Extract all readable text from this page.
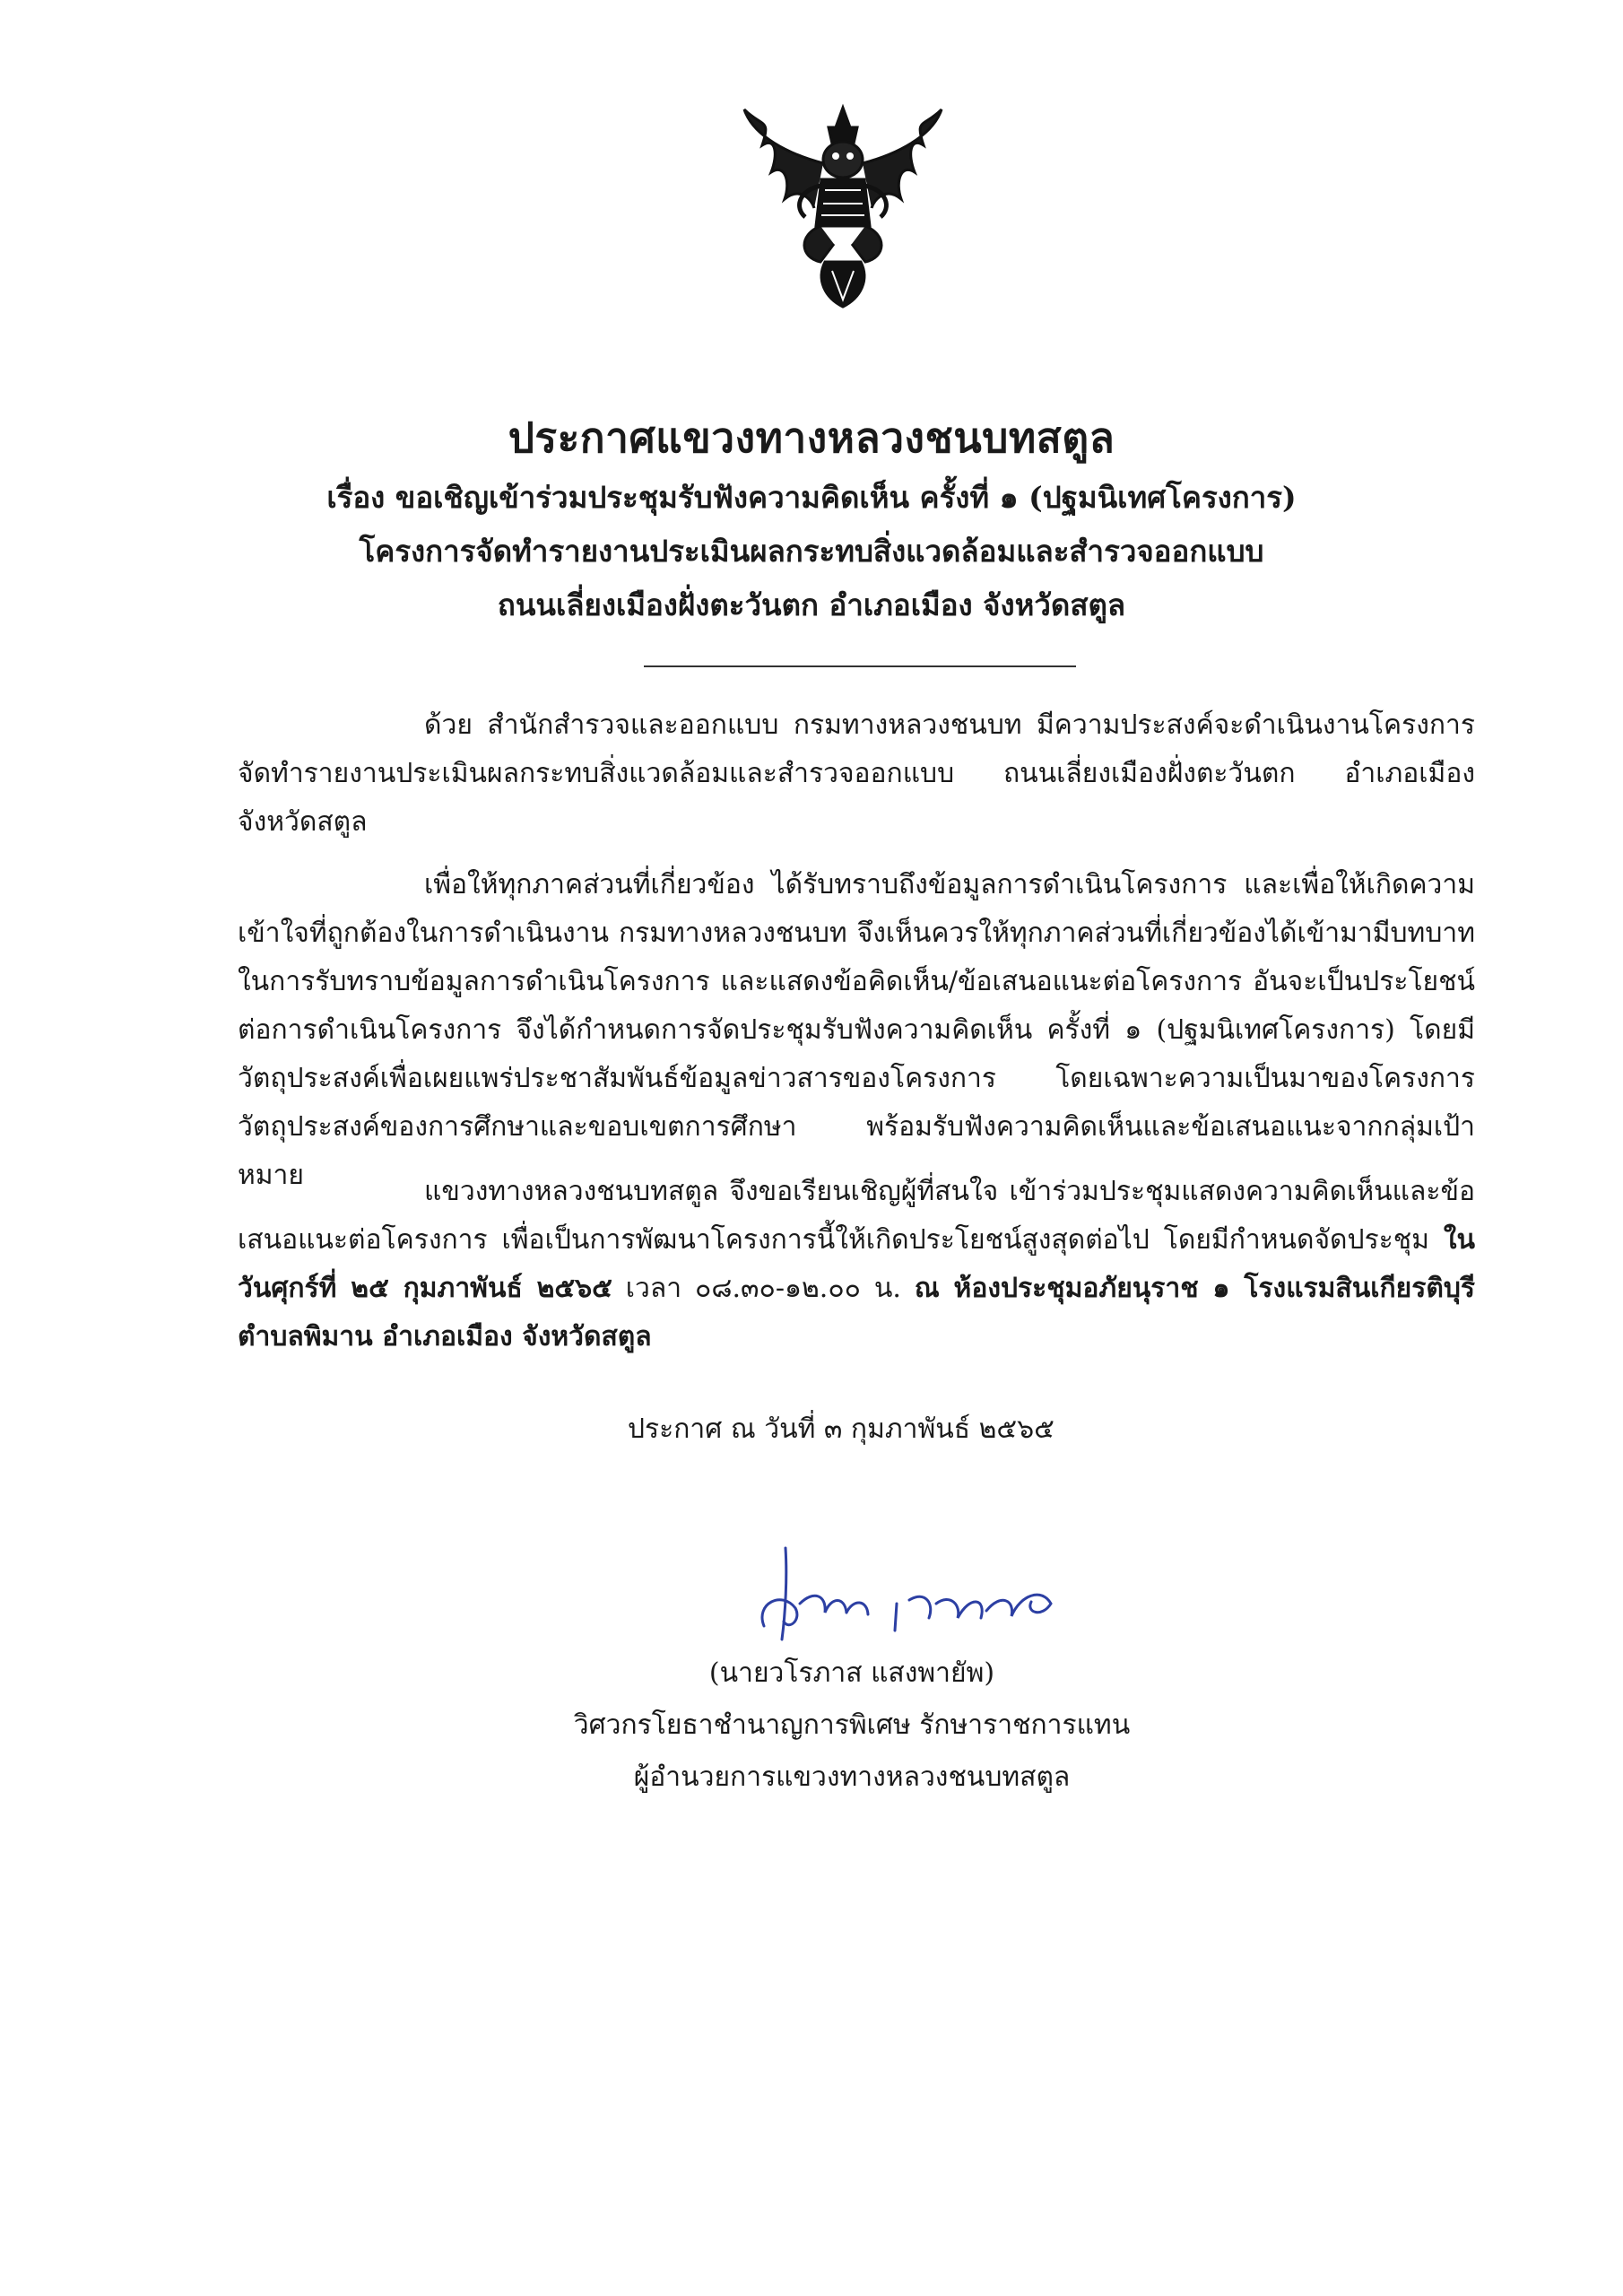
ประกาศแขวงทางหลวงชนบทสตูล
เรื่อง ขอเชิญเข้าร่วมประชุมรับฟังความคิดเห็น ครั้งที่ ๑ (ปฐมนิเทศโครงการ)
โครงการจัดทำรายงานประเมินผลกระทบสิ่งแวดล้อมและสำรวจออกแบบ
ถนนเลี่ยงเมืองฝั่งตะวันตก อำเภอเมือง จังหวัดสตูล

ด้วย สำนักสำรวจและออกแบบ กรมทางหลวงชนบท มีความประสงค์จะดำเนินงานโครงการจัดทำรายงานประเมินผลกระทบสิ่งแวดล้อมและสำรวจออกแบบ ถนนเลี่ยงเมืองฝั่งตะวันตก อำเภอเมือง จังหวัดสตูล

เพื่อให้ทุกภาคส่วนที่เกี่ยวข้อง ได้รับทราบถึงข้อมูลการดำเนินโครงการ และเพื่อให้เกิดความเข้าใจที่ถูกต้องในการดำเนินงาน กรมทางหลวงชนบท จึงเห็นควรให้ทุกภาคส่วนที่เกี่ยวข้องได้เข้ามามีบทบาทในการรับทราบข้อมูลการดำเนินโครงการ และแสดงข้อคิดเห็น/ข้อเสนอแนะต่อโครงการ อันจะเป็นประโยชน์ต่อการดำเนินโครงการ จึงได้กำหนดการจัดประชุมรับฟังความคิดเห็น ครั้งที่ ๑ (ปฐมนิเทศโครงการ) โดยมีวัตถุประสงค์เพื่อเผยแพร่ประชาสัมพันธ์ข้อมูลข่าวสารของโครงการ โดยเฉพาะความเป็นมาของโครงการ วัตถุประสงค์ของการศึกษาและขอบเขตการศึกษา พร้อมรับฟังความคิดเห็นและข้อเสนอแนะจากกลุ่มเป้าหมาย

แขวงทางหลวงชนบทสตูล จึงขอเรียนเชิญผู้ที่สนใจ เข้าร่วมประชุมแสดงความคิดเห็นและข้อเสนอแนะต่อโครงการ เพื่อเป็นการพัฒนาโครงการนี้ให้เกิดประโยชน์สูงสุดต่อไป โดยมีกำหนดจัดประชุม ในวันศุกร์ที่ ๒๕ กุมภาพันธ์ ๒๕๖๕ เวลา ๐๘.๓๐-๑๒.๐๐ น. ณ ห้องประชุมอภัยนุราช ๑ โรงแรมสินเกียรติบุรี ตำบลพิมาน อำเภอเมือง จังหวัดสตูล

ประกาศ ณ วันที่ ๓ กุมภาพันธ์ ๒๕๖๕
(นายวโรภาส แสงพายัพ)
วิศวกรโยธาชำนาญการพิเศษ รักษาราชการแทน
ผู้อำนวยการแขวงทางหลวงชนบทสตูล
